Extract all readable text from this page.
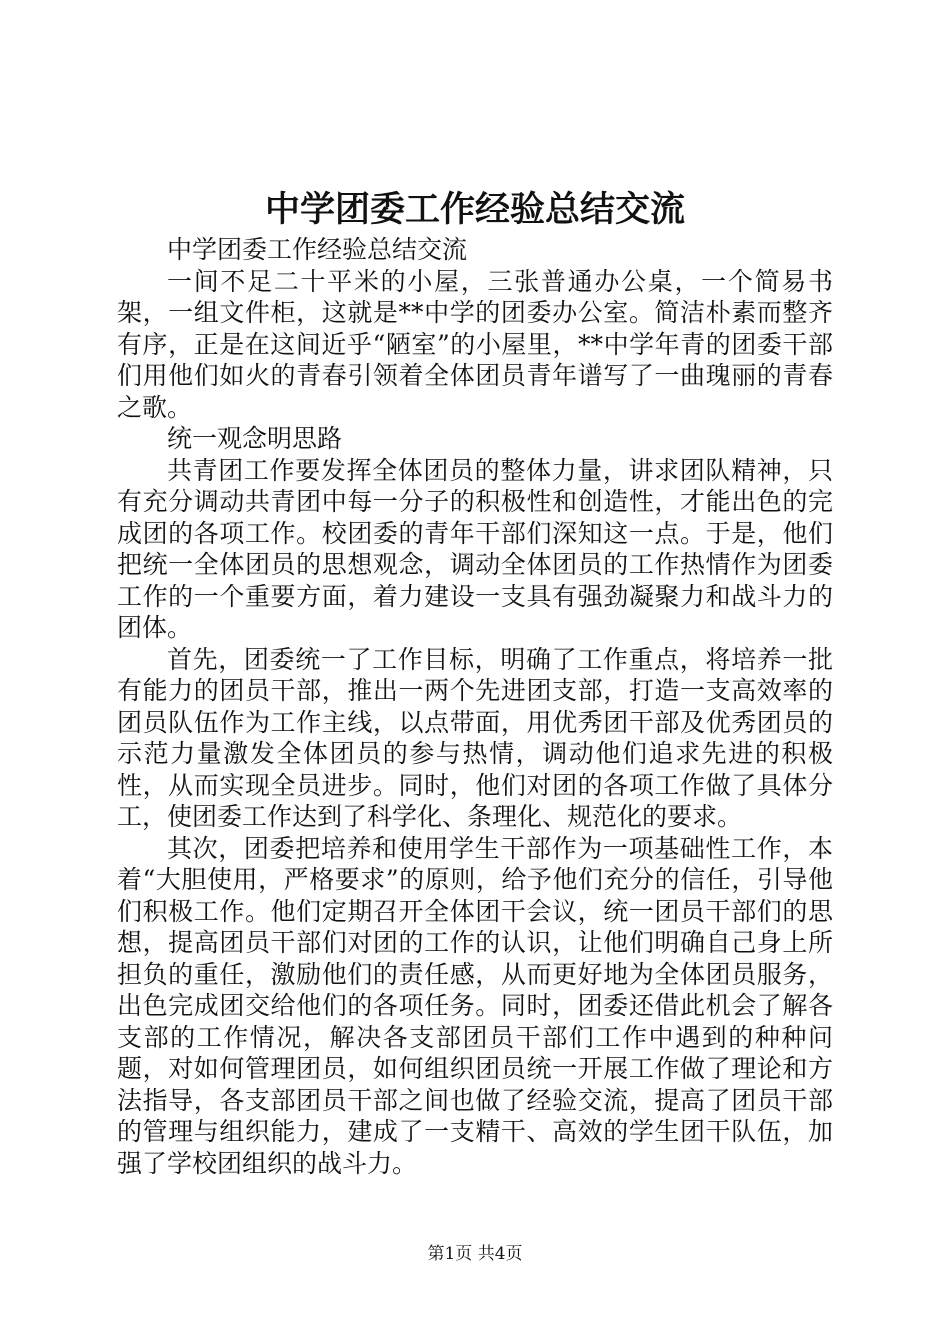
中学团委工作经验总结交流

中学团委工作经验总结交流

一间不足二十平米的小屋，三张普通办公桌，一个简易书架，一组文件柜，这就是**中学的团委办公室。简洁朴素而整齐有序，正是在这间近乎“陋室”的小屋里，**中学年青的团委干部们用他们如火的青春引领着全体团员青年谱写了一曲瑰丽的青春之歌。

统一观念明思路

共青团工作要发挥全体团员的整体力量，讲求团队精神，只有充分调动共青团中每一分子的积极性和创造性，才能出色的完成团的各项工作。校团委的青年干部们深知这一点。于是，他们把统一全体团员的思想观念，调动全体团员的工作热情作为团委工作的一个重要方面，着力建设一支具有强劲凝聚力和战斗力的团体。

首先，团委统一了工作目标，明确了工作重点，将培养一批有能力的团员干部，推出一两个先进团支部，打造一支高效率的团员队伍作为工作主线，以点带面，用优秀团干部及优秀团员的示范力量激发全体团员的参与热情，调动他们追求先进的积极性，从而实现全员进步。同时，他们对团的各项工作做了具体分工，使团委工作达到了科学化、条理化、规范化的要求。

其次，团委把培养和使用学生干部作为一项基础性工作，本着“大胆使用，严格要求”的原则，给予他们充分的信任，引导他们积极工作。他们定期召开全体团干会议，统一团员干部们的思想，提高团员干部们对团的工作的认识，让他们明确自己身上所担负的重任，激励他们的责任感，从而更好地为全体团员服务，出色完成团交给他们的各项任务。同时，团委还借此机会了解各支部的工作情况，解决各支部团员干部们工作中遇到的种种问题，对如何管理团员，如何组织团员统一开展工作做了理论和方法指导，各支部团员干部之间也做了经验交流，提高了团员干部的管理与组织能力，建成了一支精干、高效的学生团干队伍，加强了学校团组织的战斗力。

第1页 共4页
